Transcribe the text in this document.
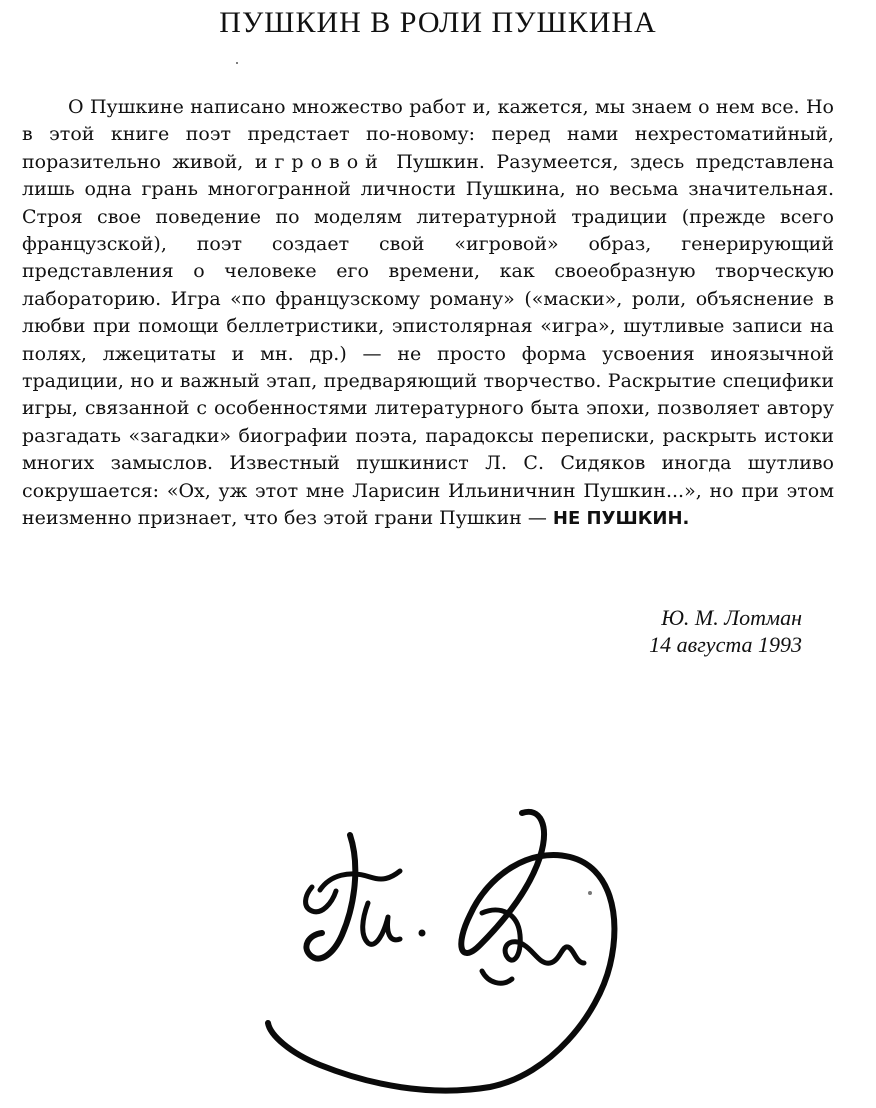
ПУШКИН В РОЛИ ПУШКИНА

О Пушкине написано множество работ и, кажется, мы знаем о нем все. Но в этой книге поэт предстает по-новому: перед нами нехрестоматийный, поразительно живой, игровой Пушкин. Разумеется, здесь представлена лишь одна грань многогранной личности Пушкина, но весьма значительная. Строя свое поведение по моделям литературной традиции (прежде всего французской), поэт создает свой «игровой» образ, генерирующий представления о человеке его времени, как своеобразную творческую лабораторию. Игра «по французскому роману» («маски», роли, объяснение в любви при помощи беллетристики, эпистолярная «игра», шутливые записи на полях, лжецитаты и мн. др.) — не просто форма усвоения иноязычной традиции, но и важный этап, предваряющий творчество. Раскрытие специфики игры, связанной с особенностями литературного быта эпохи, позволяет автору разгадать «загадки» биографии поэта, парадоксы переписки, раскрыть истоки многих замыслов. Известный пушкинист Л. С. Сидяков иногда шутливо сокрушается: «Ох, уж этот мне Ларисин Ильиничнин Пушкин...», но при этом неизменно признает, что без этой грани Пушкин — НЕ ПУШКИН.

Ю. М. Лотман
14 августа 1993
